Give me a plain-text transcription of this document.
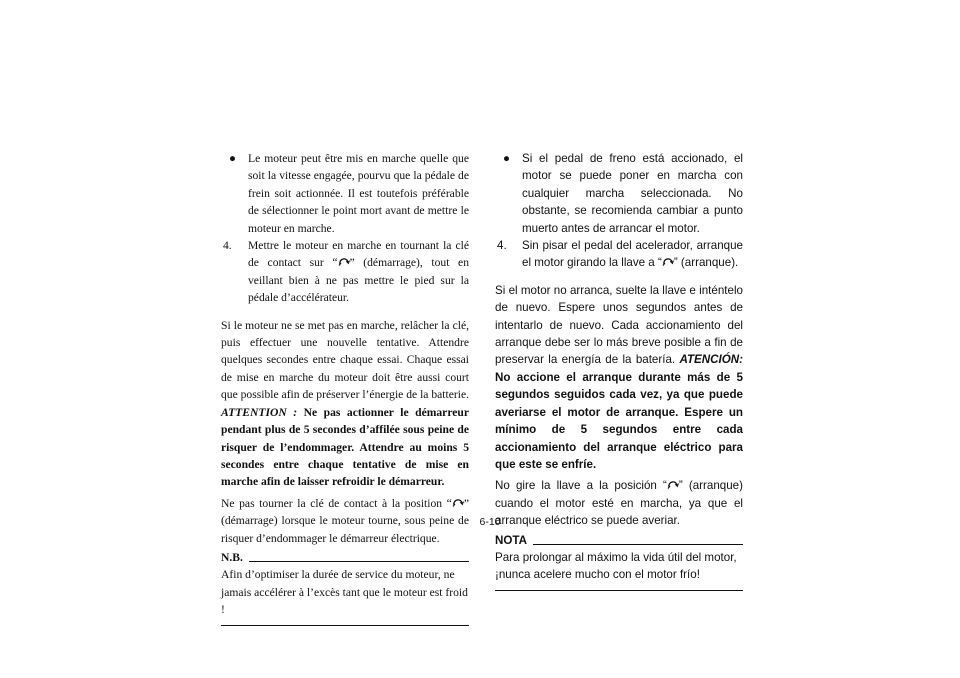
● Le moteur peut être mis en marche quelle que soit la vitesse engagée, pourvu que la pédale de frein soit actionnée. Il est toutefois préférable de sélectionner le point mort avant de mettre le moteur en marche.
4. Mettre le moteur en marche en tournant la clé de contact sur “ ” (démarrage), tout en veillant bien à ne pas mettre le pied sur la pédale d’accélérateur.

Si le moteur ne se met pas en marche, relâcher la clé, puis effectuer une nouvelle tentative. Attendre quelques secondes entre chaque essai. Chaque essai de mise en marche du moteur doit être aussi court que possible afin de préserver l’énergie de la batterie. ATTENTION : Ne pas actionner le démarreur pendant plus de 5 secondes d’affilée sous peine de risquer de l’endommager. Attendre au moins 5 secondes entre chaque tentative de mise en marche afin de laisser refroidir le démarreur.

Ne pas tourner la clé de contact à la position “ ” (démarrage) lorsque le moteur tourne, sous peine de risquer d’endommager le démarreur électrique.

N.B.

Afin d’optimiser la durée de service du moteur, ne jamais accélérer à l’excès tant que le moteur est froid !

● Si el pedal de freno está accionado, el motor se puede poner en marcha con cualquier marcha seleccionada. No obstante, se recomienda cambiar a punto muerto antes de arrancar el motor.
4. Sin pisar el pedal del acelerador, arranque el motor girando la llave a “ ” (arranque).

Si el motor no arranca, suelte la llave e inténtelo de nuevo. Espere unos segundos antes de intentarlo de nuevo. Cada accionamiento del arranque debe ser lo más breve posible a fin de preservar la energía de la batería. ATENCIÓN: No accione el arranque durante más de 5 segundos seguidos cada vez, ya que puede averiarse el motor de arranque. Espere un mínimo de 5 segundos entre cada accionamiento del arranque eléctrico para que este se enfríe.

No gire la llave a la posición “ ” (arranque) cuando el motor esté en marcha, ya que el arranque eléctrico se puede averiar.

NOTA

Para prolongar al máximo la vida útil del motor, ¡nunca acelere mucho con el motor frío!

6-10
